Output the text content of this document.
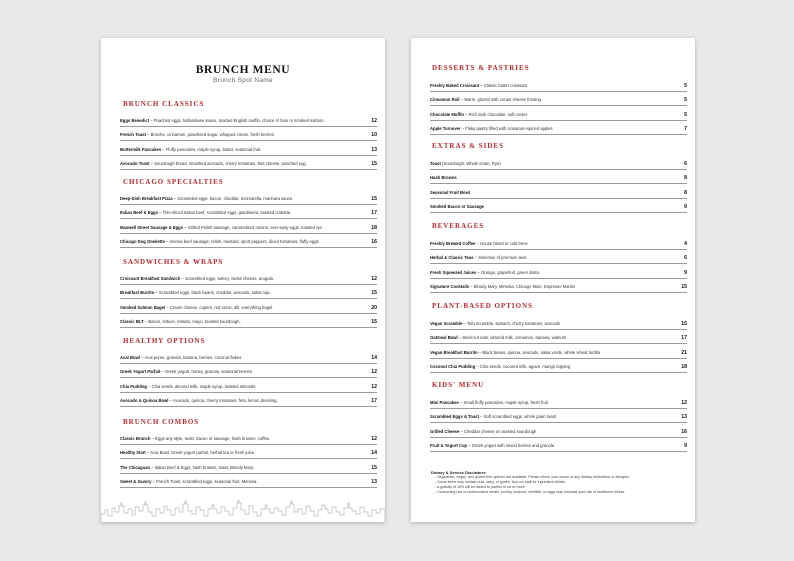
BRUNCH MENU
Brunch Spot Name
BRUNCH CLASSICS
Eggs Benedict – Poached eggs, hollandaise sauce, toasted English muffin, choice of ham or smoked salmon.	12
French Toast – Brioche, cinnamon, powdered sugar, whipped cream, fresh berries.	10
Buttermilk Pancakes – Fluffy pancakes, maple syrup, butter, seasonal fruit.	13
Avocado Toast – Sourdough bread, smashed avocado, cherry tomatoes, feta cheese, poached egg.	15
CHICAGO SPECIALTIES
Deep-Dish Breakfast Pizza – Scrambled eggs, bacon, cheddar, mozzarella, marinara sauce.	15
Italian Beef & Eggs – Thin-sliced Italian beef, scrambled eggs, giardiniera, toasted ciabatta.	17
Maxwell Street Sausage & Eggs – Grilled Polish sausage, caramelized onions, over-easy eggs, toasted rye.	18
Chicago Dog Omelette – Vienna beef sausage, relish, mustard, sport peppers, diced tomatoes, fluffy eggs.	16
SANDWICHES & WRAPS
Croissant Breakfast Sandwich – Scrambled eggs, turkey, Swiss cheese, arugula.	12
Breakfast Burrito – Scrambled eggs, black beans, cheddar, avocado, salsa roja.	15
Smoked Salmon Bagel – Cream cheese, capers, red onion, dill, everything bagel.	20
Classic BLT – Bacon, lettuce, tomato, mayo, toasted sourdough.	15
HEALTHY OPTIONS
Acai Bowl – Acai puree, granola, banana, berries, coconut flakes	14
Greek Yogurt Parfait – Greek yogurt, honey, granola, seasonal berries.	12
Chia Pudding – Chia seeds, almond milk, maple syrup, toasted almonds	12
Avocado & Quinoa Bowl – Avocado, quinoa, cherry tomatoes, feta, lemon dressing.	17
BRUNCH COMBOS
Classic Brunch – Eggs any style, toast, bacon or sausage, hash browns, coffee.	12
Healthy Start – Acai Bowl, Greek yogurt parfait, herbal tea or fresh juice.	14
The Chicagoan – Italian Beef & Eggs, hash browns, toast, Bloody Mary.	15
Sweet & Savory – French Toast, scrambled eggs, seasonal fruit, Mimosa.	13
DESSERTS & PASTRIES
Freshly Baked Croissant – Classic butter croissant	5
Cinnamon Roll – Warm, glazed with cream cheese frosting	5
Chocolate Muffin – Rich dark chocolate, soft center	5
Apple Turnover – Flaky pastry filled with cinnamon-spiced apples	7
EXTRAS & SIDES
Toast (Sourdough, Whole Grain, Rye)	6
Hash Browns	8
Seasonal Fruit Bowl	8
Smoked Bacon or Sausage	9
BEVERAGES
Freshly Brewed Coffee – House blend or cold brew	4
Herbal & Classic Teas – Selection of premium teas	6
Fresh Squeezed Juices – Orange, grapefruit, green detox	9
Signature Cocktails – Bloody Mary, Mimosa, Chicago Mule, Espresso Martini	15
PLANT-BASED OPTIONS
Vegan Scramble – Tofu scramble, spinach, cherry tomatoes, avocado	15
Oatmeal Bowl – Steel-cut oats, almond milk, cinnamon, banana, walnuts	17
Vegan Breakfast Burrito – Black beans, quinoa, avocado, salsa verde, whole wheat tortilla	21
Coconut Chia Pudding – Chia seeds, coconut milk, agave, mango topping	18
KIDS' MENU
Mini Pancakes – Small fluffy pancakes, maple syrup, fresh fruit	12
Scrambled Eggs & Toast – Soft scrambled eggs, whole grain toast	13
Grilled Cheese – Cheddar cheese on toasted sourdough	16
Fruit & Yogurt Cup – Greek yogurt with mixed berries and granola	9
Dietary & Service Disclaimer:
- Vegetarian, vegan, and gluten-free options are available. Please inform your server of any dietary restrictions or allergies.
- Some items may contain nuts, dairy, or gluten. Ask our staff for ingredient details.
- A gratuity of 18% will be added to parties of six or more.
- Consuming raw or undercooked meats, poultry, seafood, shellfish, or eggs may increase your risk of foodborne illness.
